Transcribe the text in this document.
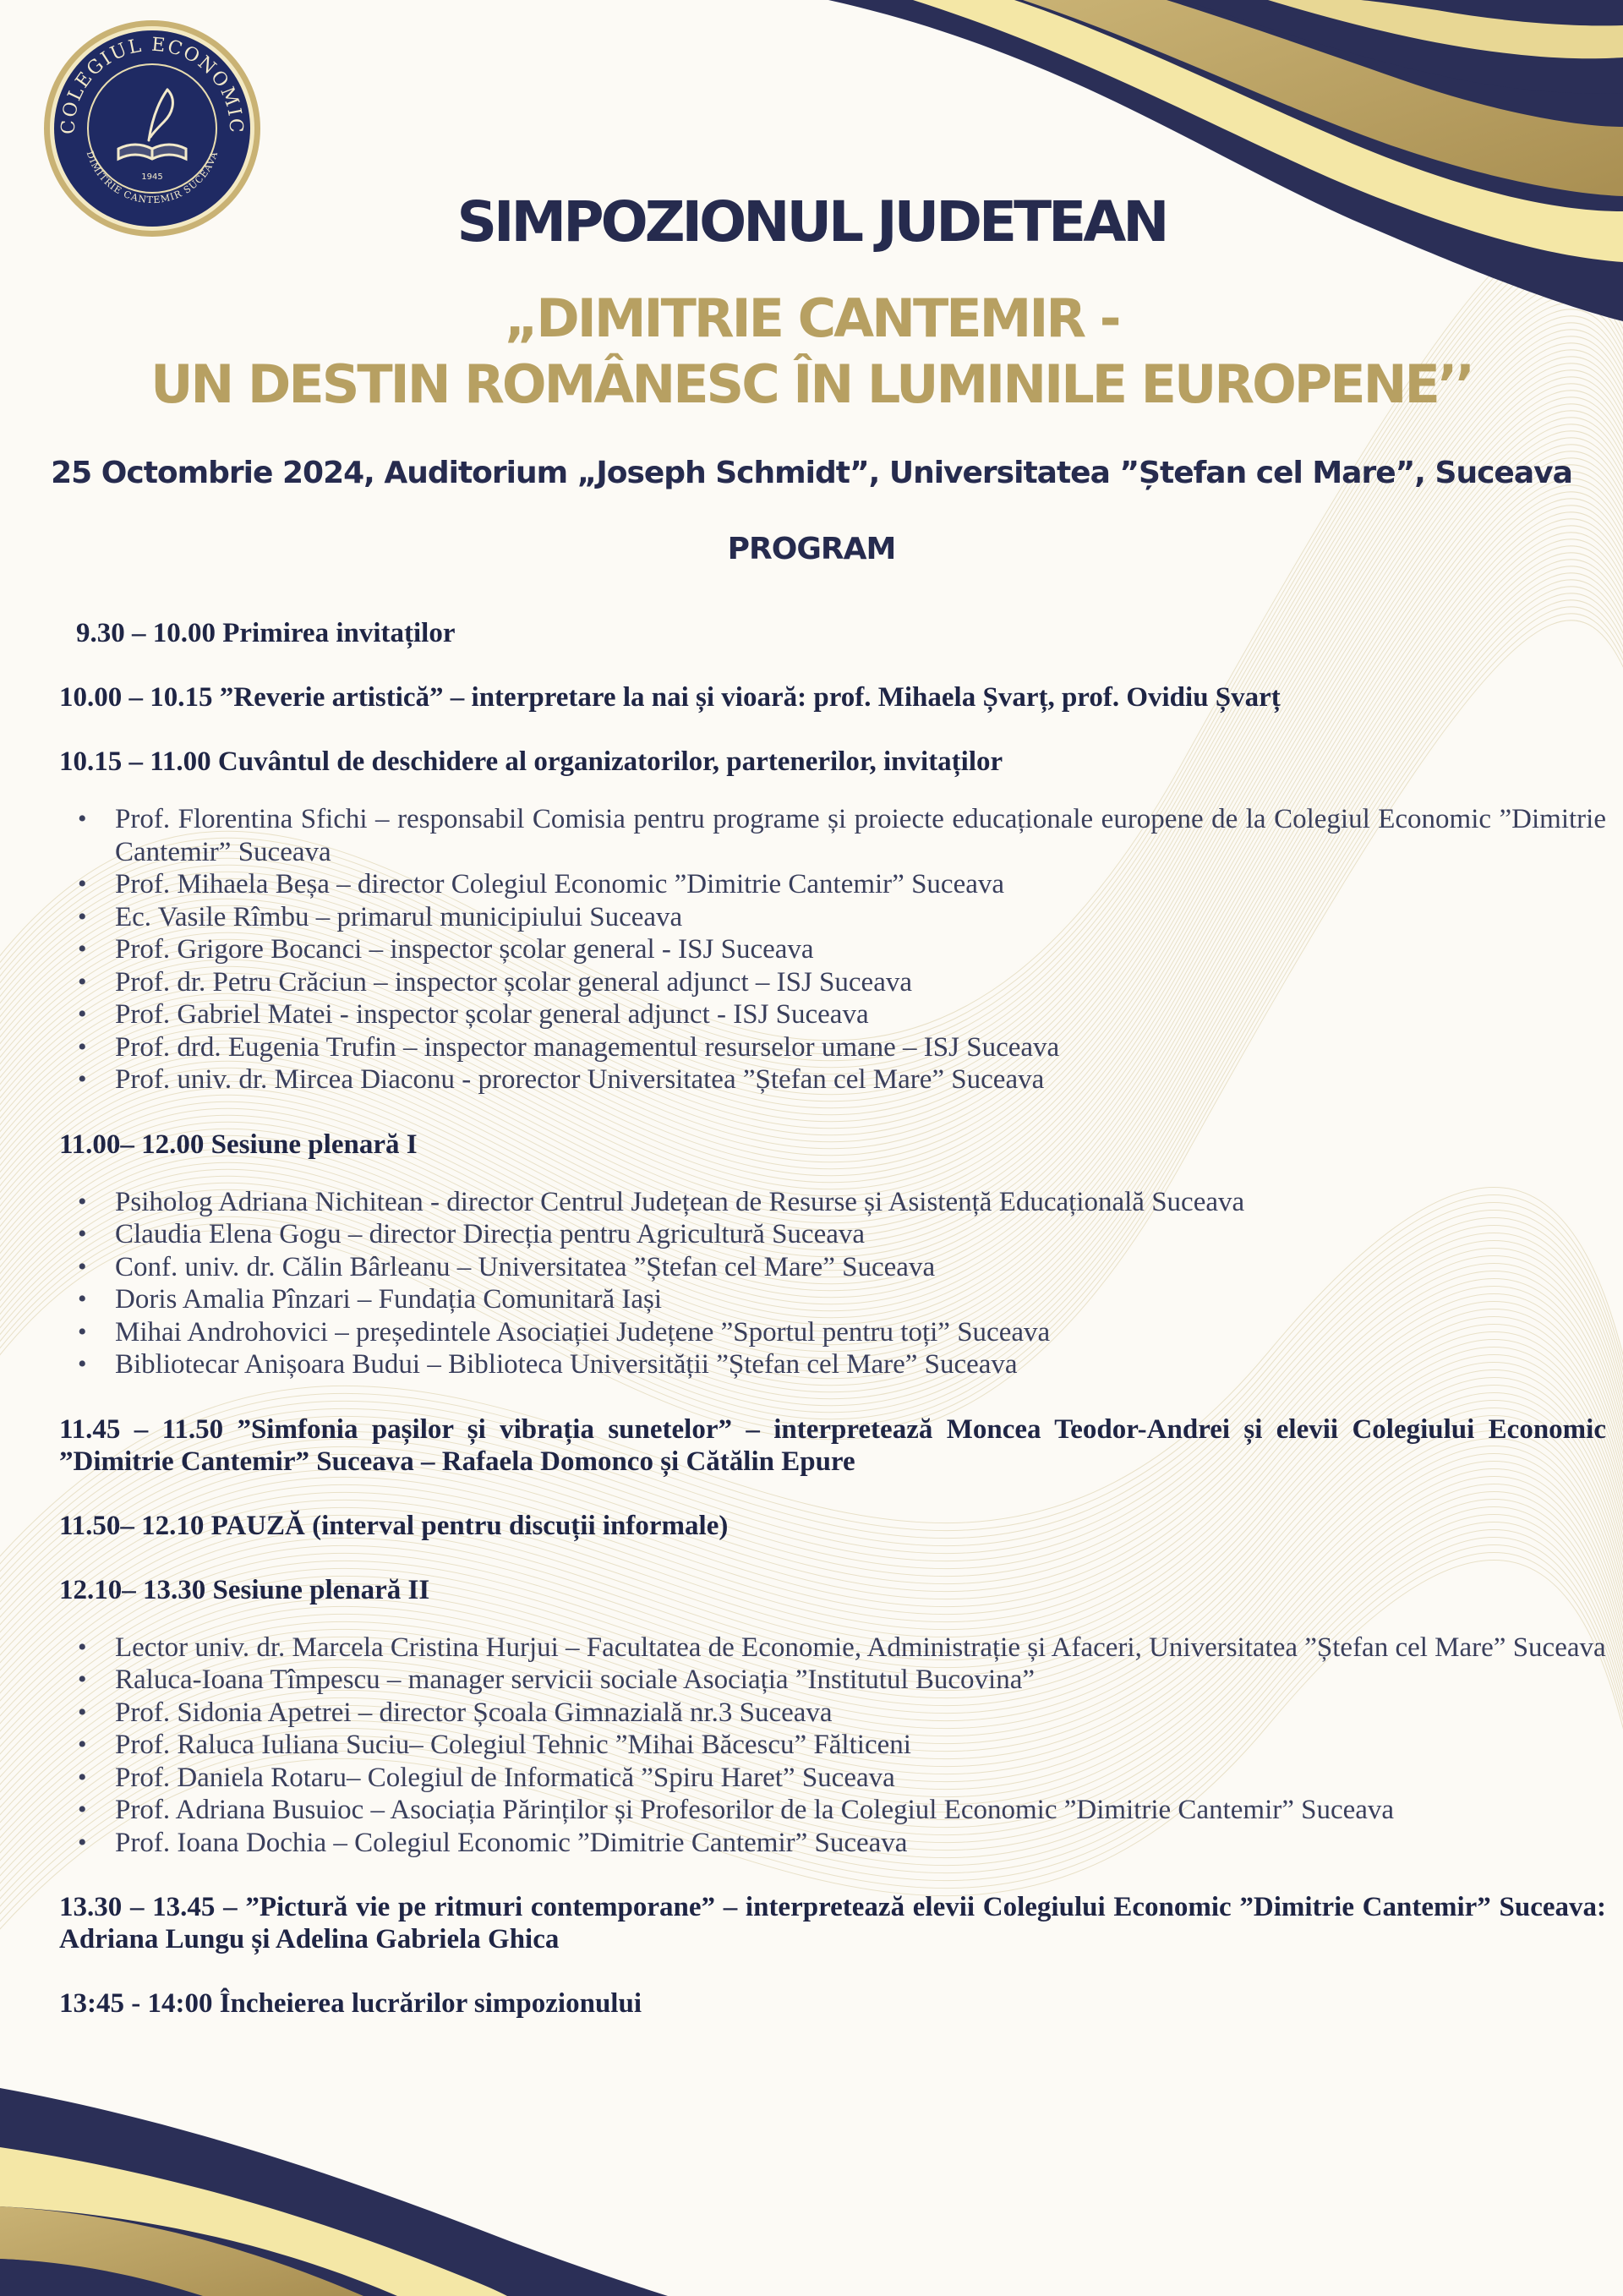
COLEGIUL ECONOMIC
DIMITRIE CANTEMIR SUCEAVA
1945
SIMPOZIONUL JUDETEAN
„DIMITRIE CANTEMIR -
UN DESTIN ROMÂNESC ÎN LUMINILE EUROPENE’’
25 Octombrie 2024, Auditorium „Joseph Schmidt”, Universitatea ”Ștefan cel Mare”, Suceava
PROGRAM

9.30 – 10.00 Primirea invitaților

10.00 – 10.15 ”Reverie artistică” – interpretare la nai și vioară: prof. Mihaela Șvarț, prof. Ovidiu Șvarț

10.15 – 11.00 Cuvântul de deschidere al organizatorilor, partenerilor, invitaților

• Prof. Florentina Sfichi – responsabil Comisia pentru programe și proiecte educaționale europene de la Colegiul Economic ”Dimitrie Cantemir” Suceava
• Prof. Mihaela Beșa – director Colegiul Economic ”Dimitrie Cantemir” Suceava
• Ec. Vasile Rîmbu – primarul municipiului Suceava
• Prof. Grigore Bocanci – inspector școlar general - ISJ Suceava
• Prof. dr. Petru Crăciun – inspector școlar general adjunct – ISJ Suceava
• Prof. Gabriel Matei - inspector școlar general adjunct - ISJ Suceava
• Prof. drd. Eugenia Trufin – inspector managementul resurselor umane – ISJ Suceava
• Prof. univ. dr. Mircea Diaconu - prorector Universitatea ”Ștefan cel Mare” Suceava

11.00– 12.00 Sesiune plenară I

• Psiholog Adriana Nichitean - director Centrul Județean de Resurse și Asistență Educațională Suceava
• Claudia Elena Gogu – director Direcția pentru Agricultură Suceava
• Conf. univ. dr. Călin Bârleanu – Universitatea ”Ștefan cel Mare” Suceava
• Doris Amalia Pînzari – Fundația Comunitară Iași
• Mihai Androhovici – președintele Asociației Județene ”Sportul pentru toți” Suceava
• Bibliotecar Anișoara Budui – Biblioteca Universității ”Ștefan cel Mare” Suceava

11.45 – 11.50 ”Simfonia pașilor și vibrația sunetelor” – interpretează Moncea Teodor-Andrei și elevii Colegiului Economic ”Dimitrie Cantemir” Suceava – Rafaela Domonco și Cătălin Epure

11.50– 12.10 PAUZĂ (interval pentru discuții informale)

12.10– 13.30 Sesiune plenară II

• Lector univ. dr. Marcela Cristina Hurjui – Facultatea de Economie, Administrație și Afaceri, Universitatea ”Ștefan cel Mare” Suceava
• Raluca-Ioana Tîmpescu – manager servicii sociale Asociația ”Institutul Bucovina”
• Prof. Sidonia Apetrei – director Școala Gimnazială nr.3 Suceava
• Prof. Raluca Iuliana Suciu– Colegiul Tehnic ”Mihai Băcescu” Fălticeni
• Prof. Daniela Rotaru– Colegiul de Informatică ”Spiru Haret” Suceava
• Prof. Adriana Busuioc – Asociația Părinților și Profesorilor de la Colegiul Economic ”Dimitrie Cantemir” Suceava
• Prof. Ioana Dochia – Colegiul Economic ”Dimitrie Cantemir” Suceava

13.30 – 13.45 – ”Pictură vie pe ritmuri contemporane” – interpretează elevii Colegiului Economic ”Dimitrie Cantemir” Suceava: Adriana Lungu și Adelina Gabriela Ghica

13:45 - 14:00 Încheierea lucrărilor simpozionului
